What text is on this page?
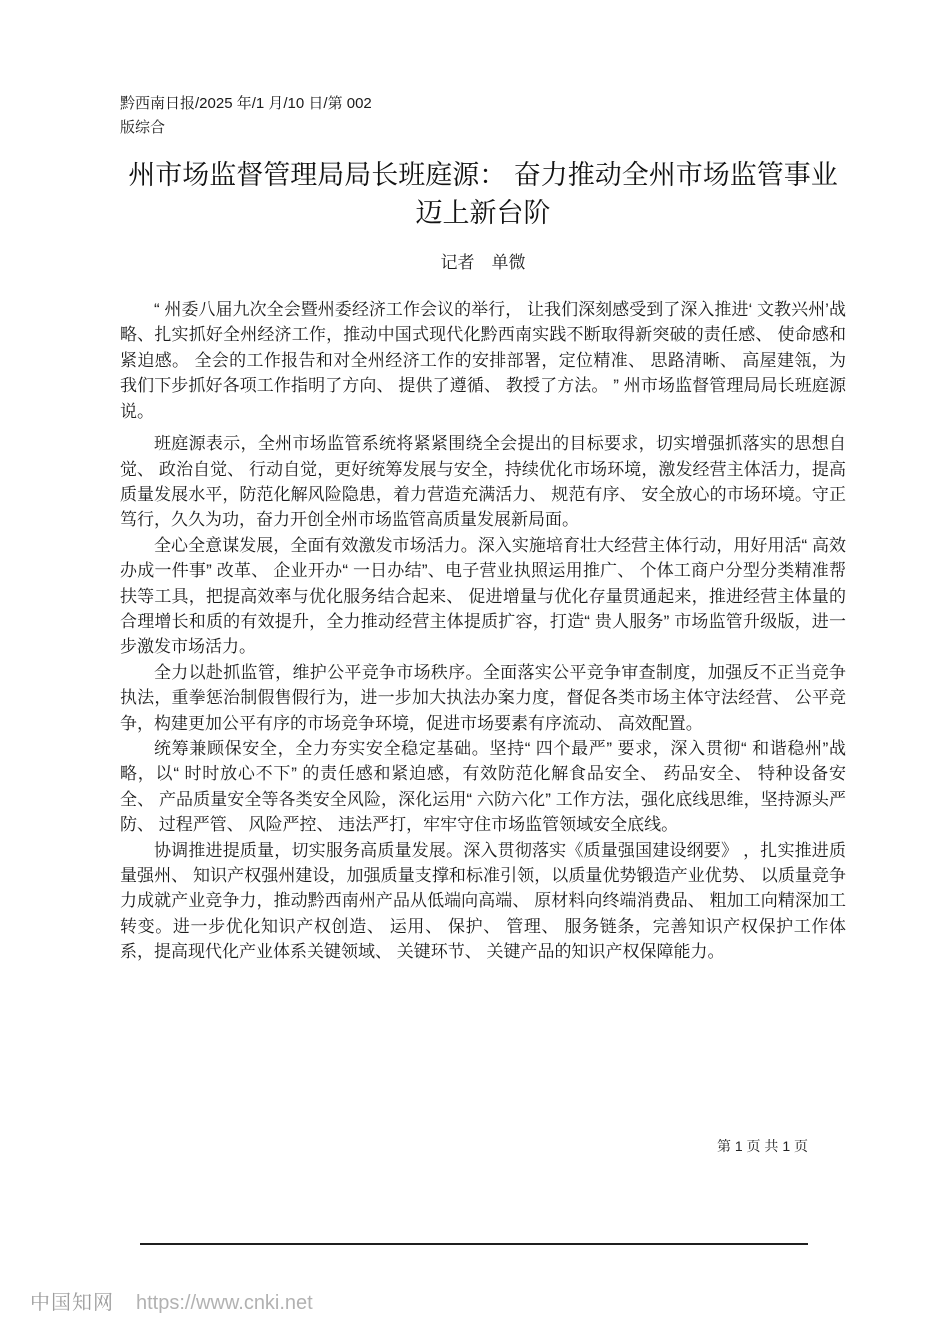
黔西南日报/2025 年/1 月/10 日/第 002
版综合
州市场监督管理局局长班庭源： 奋力推动全州市场监管事业迈上新台阶
记者　单微

“ 州委八届九次全会暨州委经济工作会议的举行， 让我们深刻感受到了深入推进‘ 文教兴州’战略、扎实抓好全州经济工作，推动中国式现代化黔西南实践不断取得新突破的责任感、 使命感和紧迫感。 全会的工作报告和对全州经济工作的安排部署，定位精准、 思路清晰、 高屋建瓴，为我们下步抓好各项工作指明了方向、 提供了遵循、 教授了方法。 ” 州市场监督管理局局长班庭源说。

班庭源表示，全州市场监管系统将紧紧围绕全会提出的目标要求，切实增强抓落实的思想自觉、 政治自觉、 行动自觉，更好统筹发展与安全，持续优化市场环境，激发经营主体活力，提高质量发展水平，防范化解风险隐患，着力营造充满活力、 规范有序、 安全放心的市场环境。守正笃行，久久为功，奋力开创全州市场监管高质量发展新局面。

全心全意谋发展，全面有效激发市场活力。深入实施培育壮大经营主体行动，用好用活“ 高效办成一件事” 改革、 企业开办“ 一日办结”、电子营业执照运用推广、 个体工商户分型分类精准帮扶等工具，把提高效率与优化服务结合起来、 促进增量与优化存量贯通起来，推进经营主体量的合理增长和质的有效提升，全力推动经营主体提质扩容，打造“ 贵人服务” 市场监管升级版，进一步激发市场活力。

全力以赴抓监管，维护公平竞争市场秩序。全面落实公平竞争审查制度，加强反不正当竞争执法，重拳惩治制假售假行为，进一步加大执法办案力度，督促各类市场主体守法经营、 公平竞争，构建更加公平有序的市场竞争环境，促进市场要素有序流动、 高效配置。

统筹兼顾保安全，全力夯实安全稳定基础。坚持“ 四个最严” 要求，深入贯彻“ 和谐稳州”战略，以“ 时时放心不下” 的责任感和紧迫感，有效防范化解食品安全、 药品安全、 特种设备安全、 产品质量安全等各类安全风险，深化运用“ 六防六化” 工作方法，强化底线思维，坚持源头严防、 过程严管、 风险严控、 违法严打，牢牢守住市场监管领域安全底线。

协调推进提质量，切实服务高质量发展。深入贯彻落实《质量强国建设纲要》 ，扎实推进质量强州、 知识产权强州建设，加强质量支撑和标准引领，以质量优势锻造产业优势、 以质量竞争力成就产业竞争力，推动黔西南州产品从低端向高端、 原材料向终端消费品、 粗加工向精深加工转变。进一步优化知识产权创造、 运用、 保护、 管理、 服务链条，完善知识产权保护工作体系，提高现代化产业体系关键领域、 关键环节、 关键产品的知识产权保障能力。

第 1 页 共 1 页
中国知网 https://www.cnki.net
